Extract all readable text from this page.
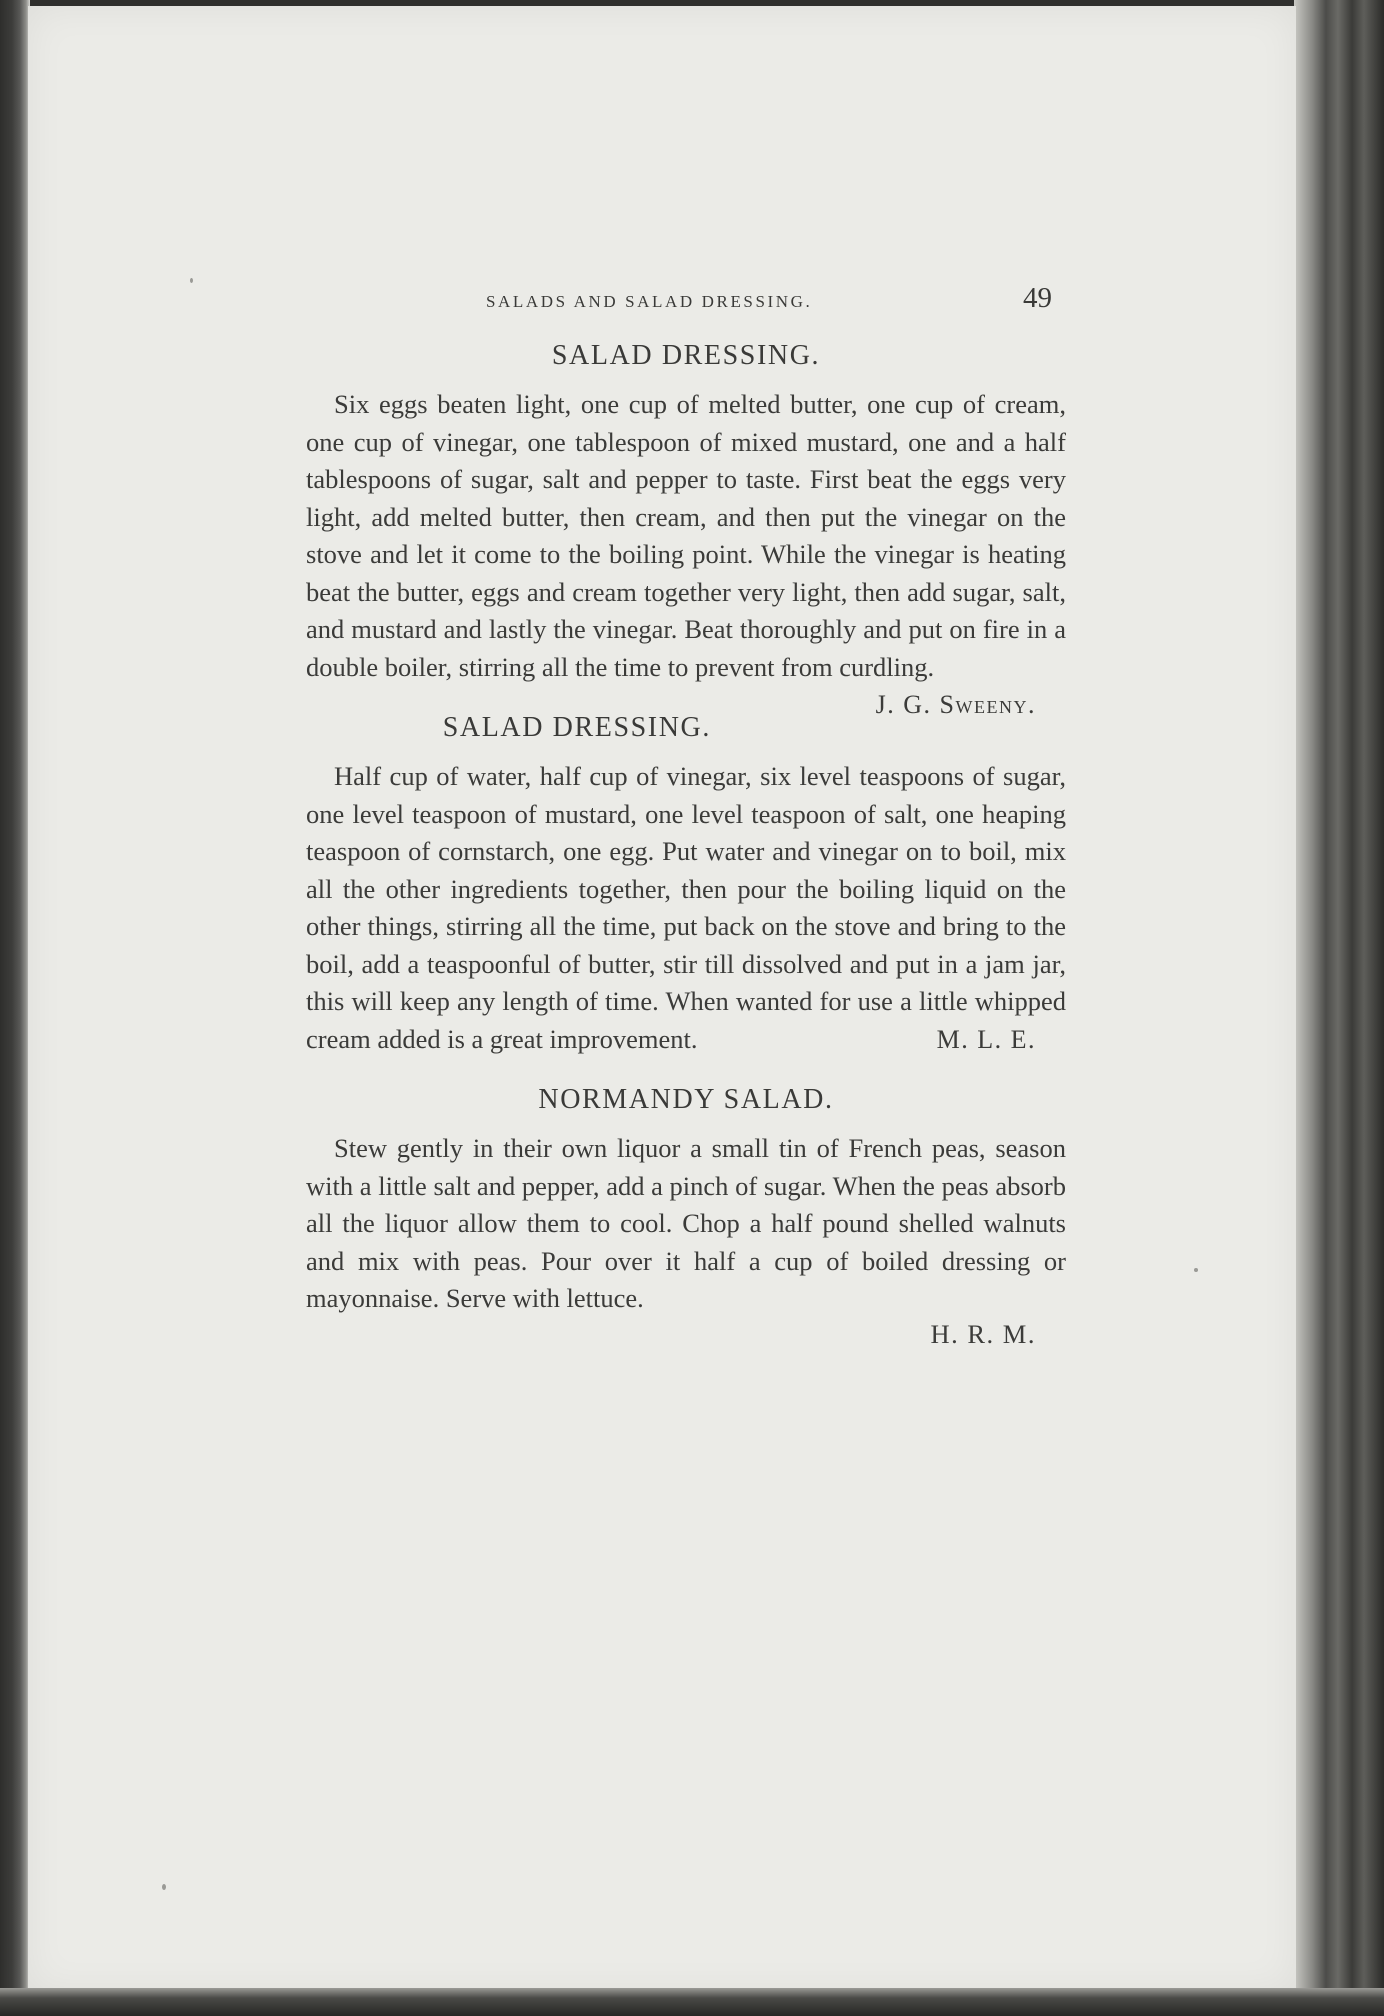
SALADS AND SALAD DRESSING.	49
SALAD DRESSING.

Six eggs beaten light, one cup of melted butter, one cup of cream, one cup of vinegar, one tablespoon of mixed mustard, one and a half tablespoons of sugar, salt and pepper to taste. First beat the eggs very light, add melted butter, then cream, and then put the vinegar on the stove and let it come to the boiling point. While the vinegar is heating beat the butter, eggs and cream together very light, then add sugar, salt, and mustard and lastly the vinegar. Beat thoroughly and put on fire in a double boiler, stirring all the time to prevent from curdling.
J. G. Sweeny.

SALAD DRESSING.

Half cup of water, half cup of vinegar, six level teaspoons of sugar, one level teaspoon of mustard, one level teaspoon of salt, one heaping teaspoon of cornstarch, one egg. Put water and vinegar on to boil, mix all the other ingredients together, then pour the boiling liquid on the other things, stirring all the time, put back on the stove and bring to the boil, add a teaspoonful of butter, stir till dissolved and put in a jam jar, this will keep any length of time. When wanted for use a little whipped cream added is a great improvement.	M. L. E.

NORMANDY SALAD.

Stew gently in their own liquor a small tin of French peas, season with a little salt and pepper, add a pinch of sugar. When the peas absorb all the liquor allow them to cool. Chop a half pound shelled walnuts and mix with peas. Pour over it half a cup of boiled dressing or mayonnaise. Serve with lettuce.

H. R. M.
